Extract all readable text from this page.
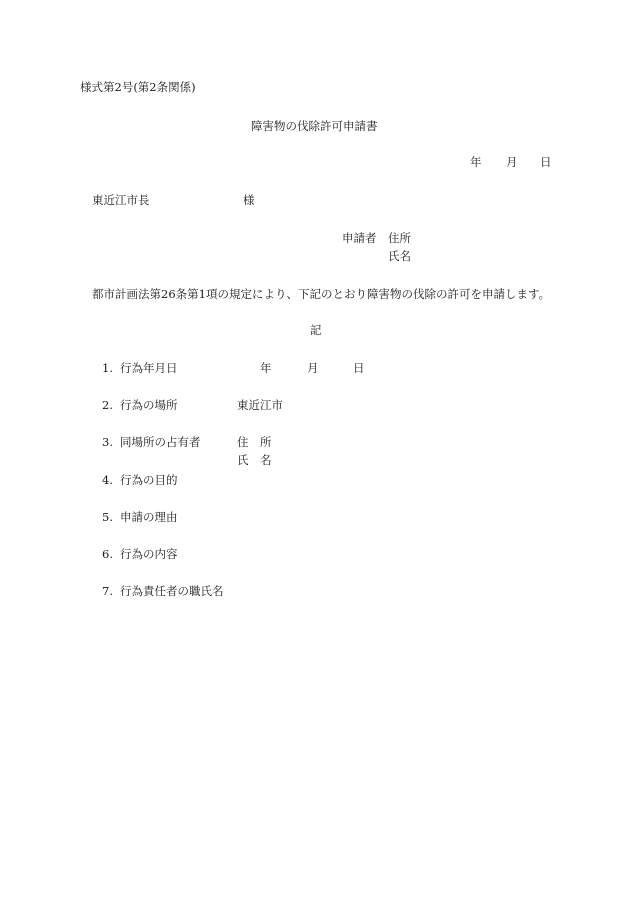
様式第2号(第2条関係)
障害物の伐除許可申請書
年 月 日
東近江市長	様
申請者 住所
氏名
都市計画法第26条第1項の規定により、下記のとおり障害物の伐除の許可を申請します。
記
1. 行為年月日	年	月	日
2. 行為の場所	東近江市
3. 同場所の占有者	住　所
氏　名
4. 行為の目的
5. 申請の理由
6. 行為の内容
7. 行為責任者の職氏名
